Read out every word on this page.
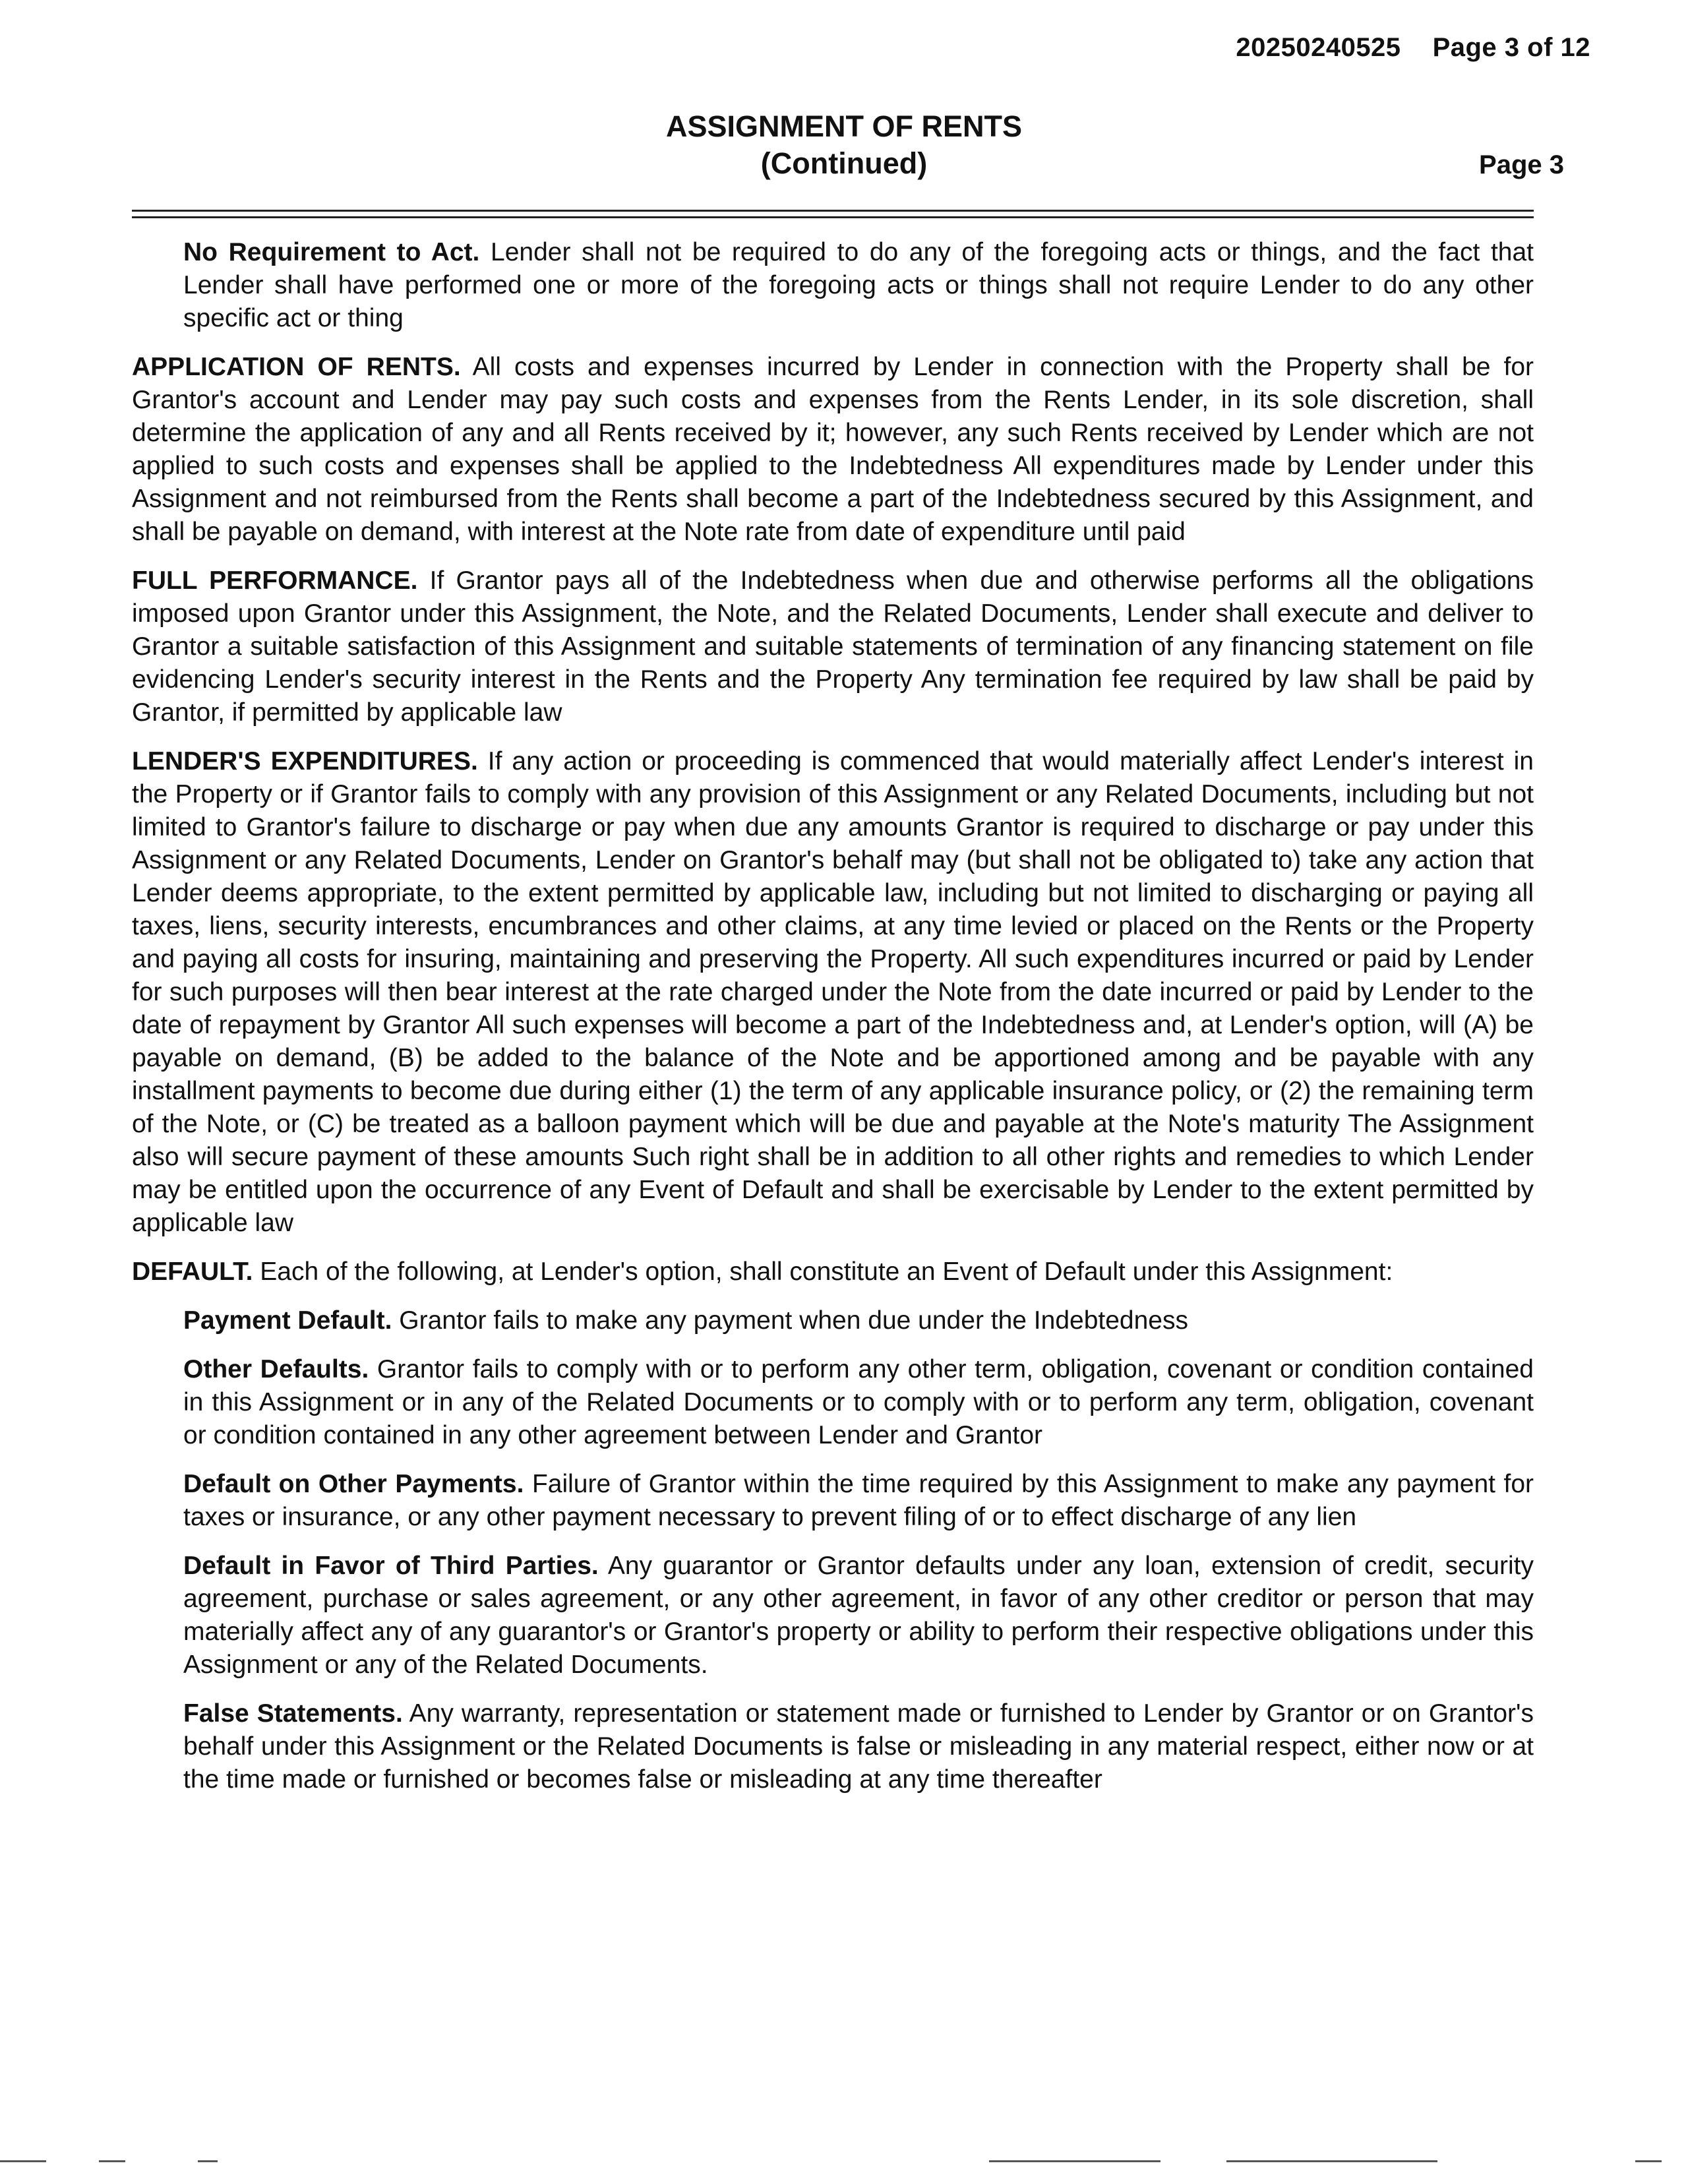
20250240525 Page 3 of 12
ASSIGNMENT OF RENTS
(Continued)	Page 3

No Requirement to Act. Lender shall not be required to do any of the foregoing acts or things, and the fact that Lender shall have performed one or more of the foregoing acts or things shall not require Lender to do any other specific act or thing

APPLICATION OF RENTS. All costs and expenses incurred by Lender in connection with the Property shall be for Grantor's account and Lender may pay such costs and expenses from the Rents Lender, in its sole discretion, shall determine the application of any and all Rents received by it; however, any such Rents received by Lender which are not applied to such costs and expenses shall be applied to the Indebtedness All expenditures made by Lender under this Assignment and not reimbursed from the Rents shall become a part of the Indebtedness secured by this Assignment, and shall be payable on demand, with interest at the Note rate from date of expenditure until paid

FULL PERFORMANCE. If Grantor pays all of the Indebtedness when due and otherwise performs all the obligations imposed upon Grantor under this Assignment, the Note, and the Related Documents, Lender shall execute and deliver to Grantor a suitable satisfaction of this Assignment and suitable statements of termination of any financing statement on file evidencing Lender's security interest in the Rents and the Property Any termination fee required by law shall be paid by Grantor, if permitted by applicable law

LENDER'S EXPENDITURES. If any action or proceeding is commenced that would materially affect Lender's interest in the Property or if Grantor fails to comply with any provision of this Assignment or any Related Documents, including but not limited to Grantor's failure to discharge or pay when due any amounts Grantor is required to discharge or pay under this Assignment or any Related Documents, Lender on Grantor's behalf may (but shall not be obligated to) take any action that Lender deems appropriate, to the extent permitted by applicable law, including but not limited to discharging or paying all taxes, liens, security interests, encumbrances and other claims, at any time levied or placed on the Rents or the Property and paying all costs for insuring, maintaining and preserving the Property. All such expenditures incurred or paid by Lender for such purposes will then bear interest at the rate charged under the Note from the date incurred or paid by Lender to the date of repayment by Grantor All such expenses will become a part of the Indebtedness and, at Lender's option, will (A) be payable on demand, (B) be added to the balance of the Note and be apportioned among and be payable with any installment payments to become due during either (1) the term of any applicable insurance policy, or (2) the remaining term of the Note, or (C) be treated as a balloon payment which will be due and payable at the Note's maturity The Assignment also will secure payment of these amounts Such right shall be in addition to all other rights and remedies to which Lender may be entitled upon the occurrence of any Event of Default and shall be exercisable by Lender to the extent permitted by applicable law

DEFAULT. Each of the following, at Lender's option, shall constitute an Event of Default under this Assignment:

Payment Default. Grantor fails to make any payment when due under the Indebtedness

Other Defaults. Grantor fails to comply with or to perform any other term, obligation, covenant or condition contained in this Assignment or in any of the Related Documents or to comply with or to perform any term, obligation, covenant or condition contained in any other agreement between Lender and Grantor

Default on Other Payments. Failure of Grantor within the time required by this Assignment to make any payment for taxes or insurance, or any other payment necessary to prevent filing of or to effect discharge of any lien

Default in Favor of Third Parties. Any guarantor or Grantor defaults under any loan, extension of credit, security agreement, purchase or sales agreement, or any other agreement, in favor of any other creditor or person that may materially affect any of any guarantor's or Grantor's property or ability to perform their respective obligations under this Assignment or any of the Related Documents.

False Statements. Any warranty, representation or statement made or furnished to Lender by Grantor or on Grantor's behalf under this Assignment or the Related Documents is false or misleading in any material respect, either now or at the time made or furnished or becomes false or misleading at any time thereafter
